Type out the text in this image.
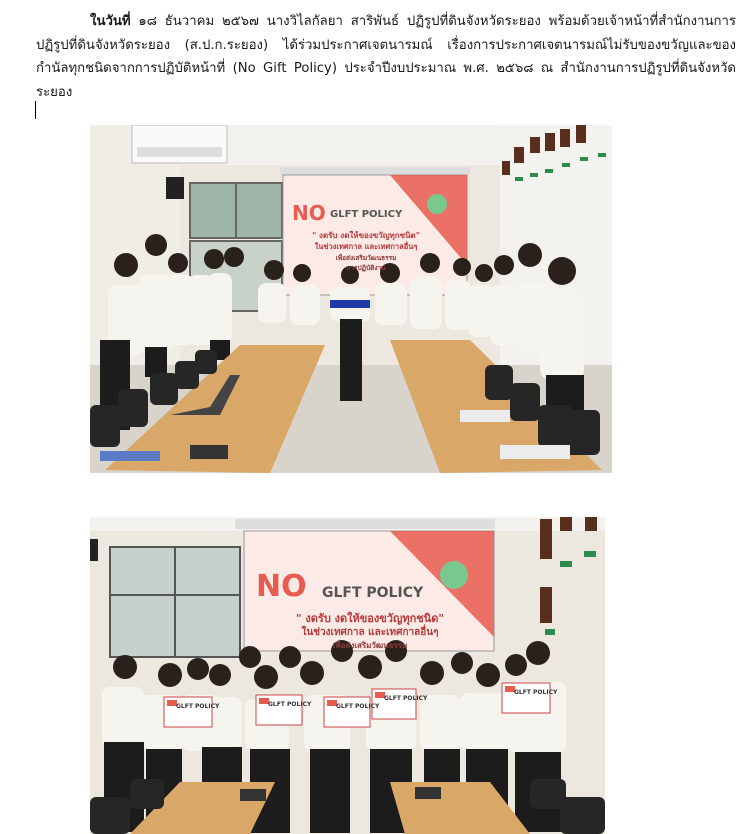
ในวันที่ ๑๘ ธันวาคม ๒๕๖๗ นางวิไลกัลยา สาริพันธ์ ปฏิรูปที่ดินจังหวัดระยอง พร้อมด้วยเจ้าหน้าที่สำนักงานการปฏิรูปที่ดินจังหวัดระยอง (ส.ป.ก.ระยอง) ได้ร่วมประกาศเจตนารมณ์ เรื่องการประกาศเจตนารมณ์ไม่รับของขวัญและของกำนัลทุกชนิดจากการปฏิบัติหน้าที่ (No Gift Policy) ประจำปีงบประมาณ พ.ศ. ๒๕๖๘ ณ สำนักงานการปฏิรูปที่ดินจังหวัดระยอง

NO GLFT POLICY
" งดรับ งดให้ของขวัญทุกชนิด"
ในช่วงเทศกาล และเทศกาลอื่นๆ
เพื่อส่งเสริมวัฒนธรรม
การปฏิบัติงาน
NO GLFT POLICY
" งดรับ งดให้ของขวัญทุกชนิด"
ในช่วงเทศกาล และเทศกาลอื่นๆ
เพื่อส่งเสริมวัฒนธรรม
GLFT POLICY	GLFT POLICY	GLFT POLICY
GLFT POLICY
GLFT POLICY
